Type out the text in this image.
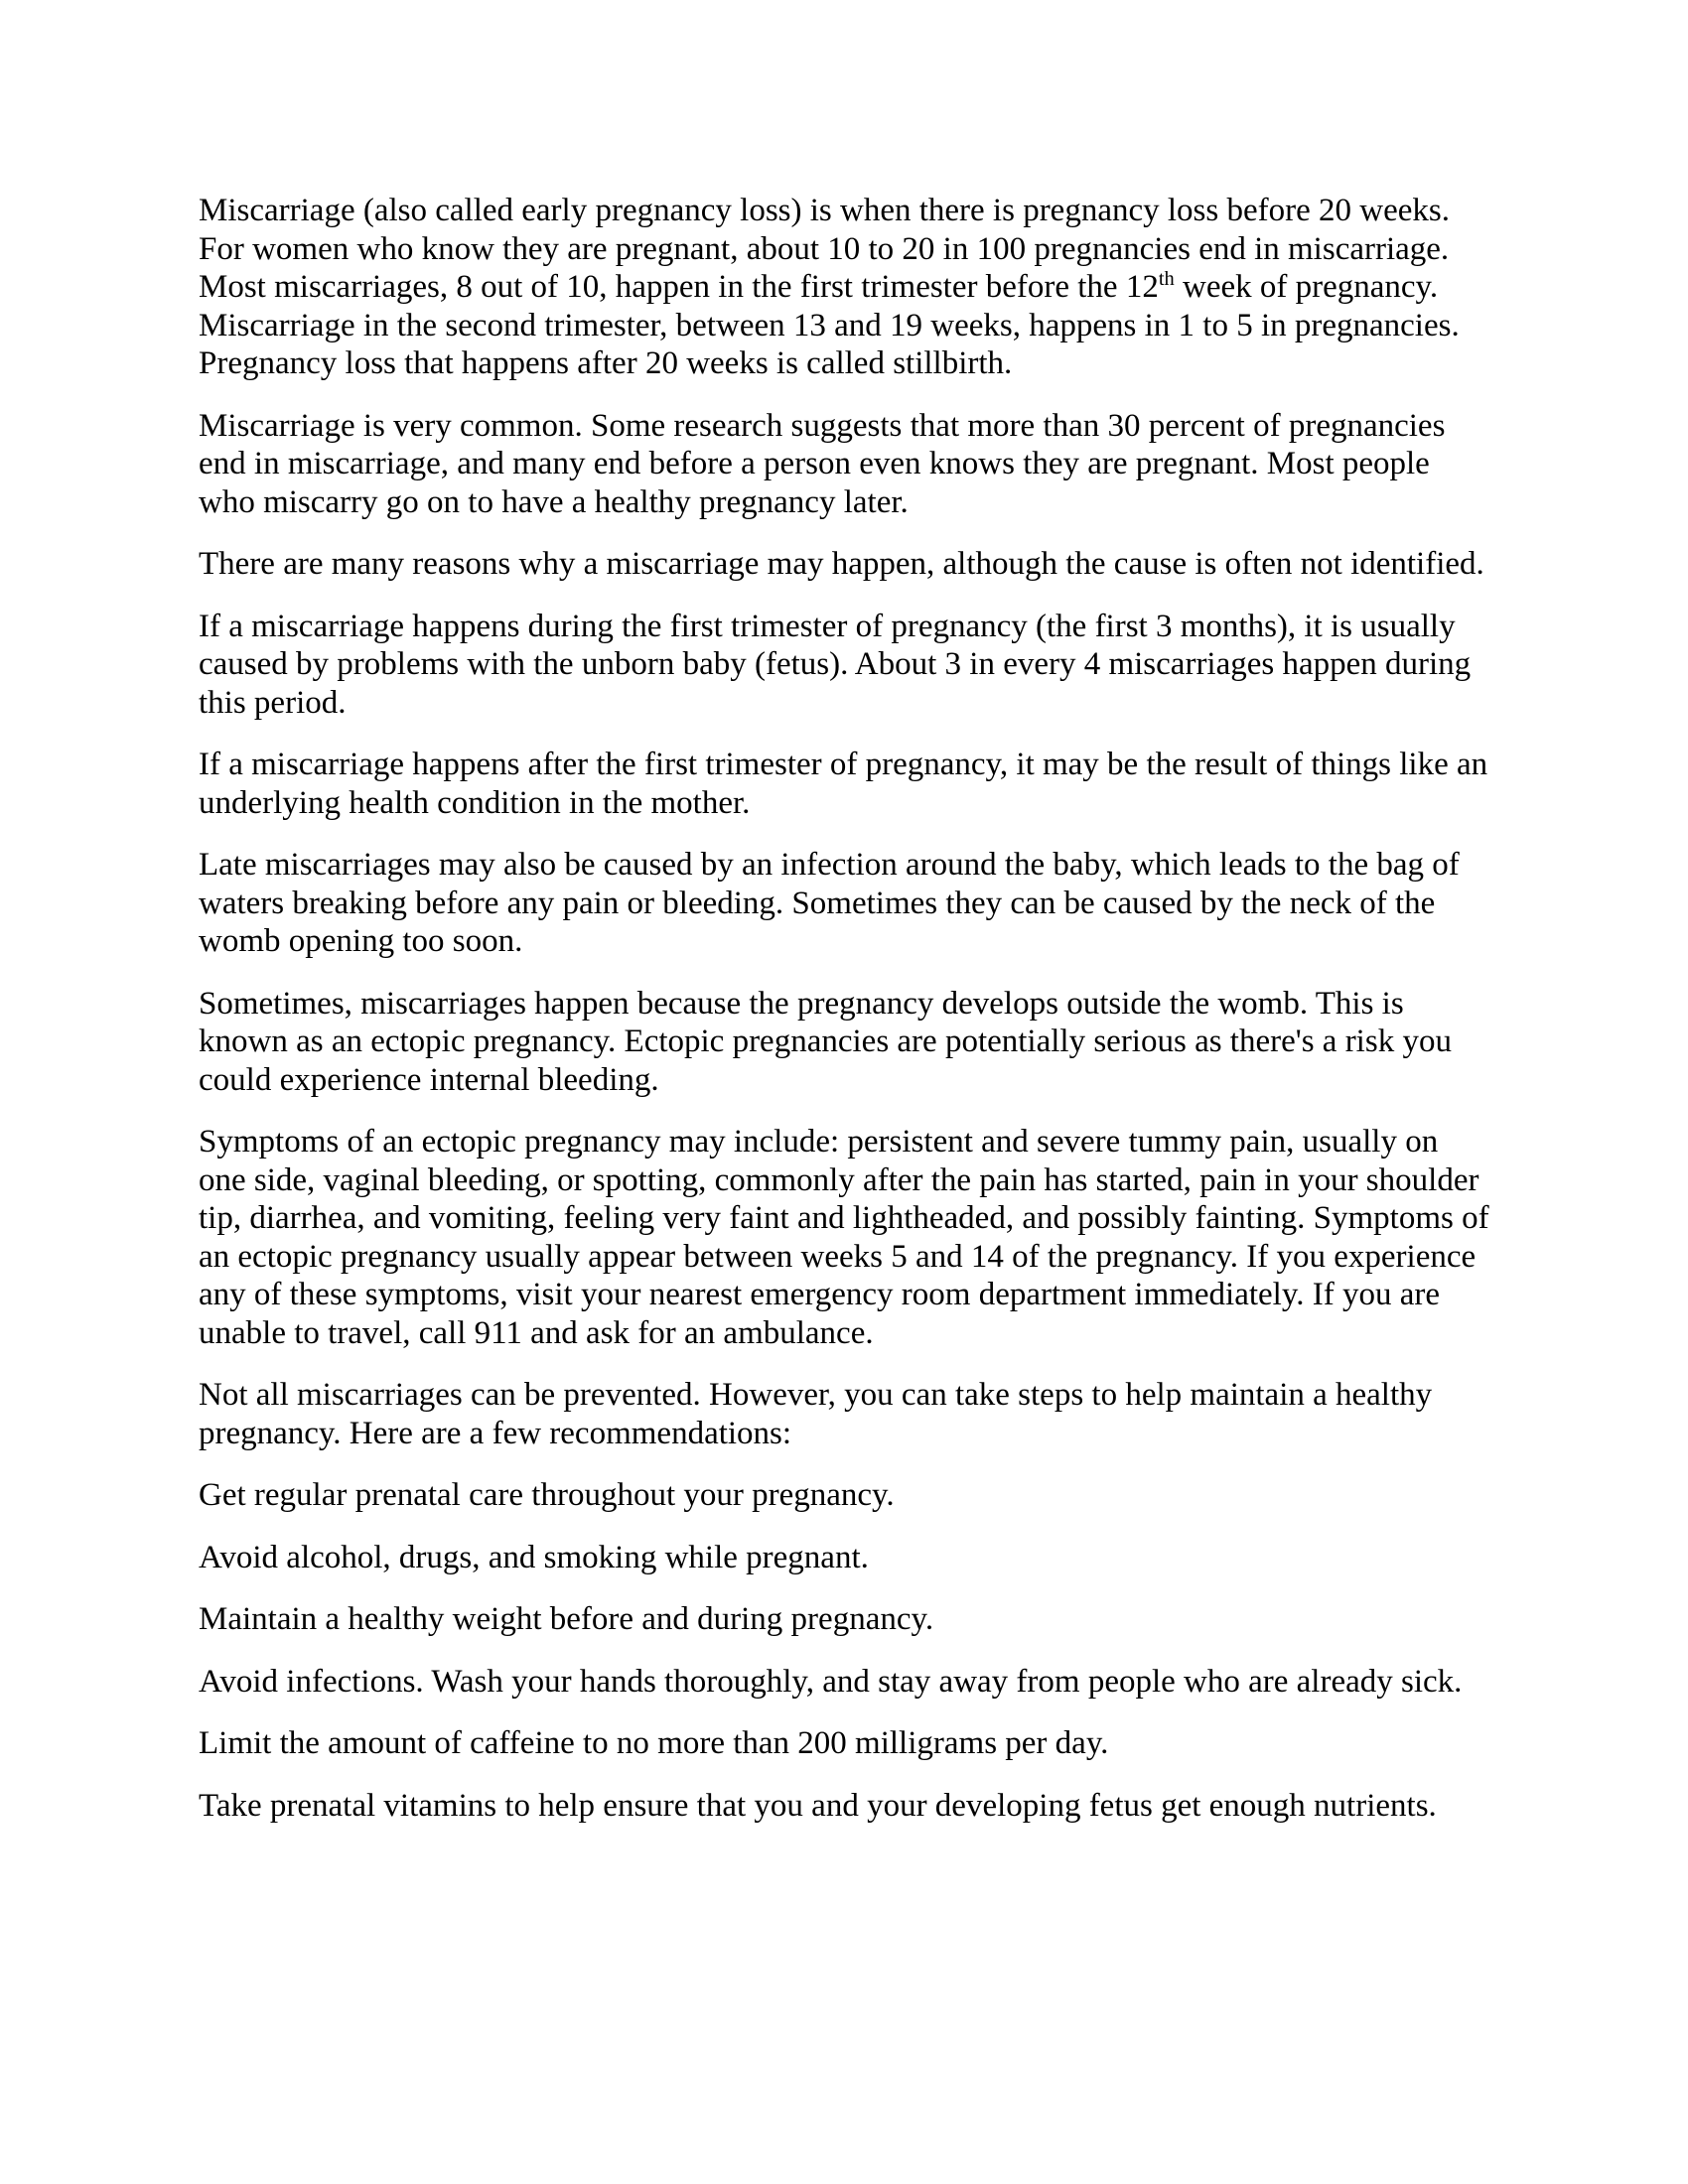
Miscarriage (also called early pregnancy loss) is when there is pregnancy loss before 20 weeks. For women who know they are pregnant, about 10 to 20 in 100 pregnancies end in miscarriage. Most miscarriages, 8 out of 10, happen in the first trimester before the 12th week of pregnancy. Miscarriage in the second trimester, between 13 and 19 weeks, happens in 1 to 5 in pregnancies. Pregnancy loss that happens after 20 weeks is called stillbirth.

Miscarriage is very common. Some research suggests that more than 30 percent of pregnancies end in miscarriage, and many end before a person even knows they are pregnant. Most people who miscarry go on to have a healthy pregnancy later.

There are many reasons why a miscarriage may happen, although the cause is often not identified.

If a miscarriage happens during the first trimester of pregnancy (the first 3 months), it is usually caused by problems with the unborn baby (fetus). About 3 in every 4 miscarriages happen during this period.

If a miscarriage happens after the first trimester of pregnancy, it may be the result of things like an underlying health condition in the mother.

Late miscarriages may also be caused by an infection around the baby, which leads to the bag of waters breaking before any pain or bleeding. Sometimes they can be caused by the neck of the womb opening too soon.

Sometimes, miscarriages happen because the pregnancy develops outside the womb. This is known as an ectopic pregnancy. Ectopic pregnancies are potentially serious as there's a risk you could experience internal bleeding.

Symptoms of an ectopic pregnancy may include: persistent and severe tummy pain, usually on one side, vaginal bleeding, or spotting, commonly after the pain has started, pain in your shoulder tip, diarrhea, and vomiting, feeling very faint and lightheaded, and possibly fainting. Symptoms of an ectopic pregnancy usually appear between weeks 5 and 14 of the pregnancy. If you experience any of these symptoms, visit your nearest emergency room department immediately. If you are unable to travel, call 911 and ask for an ambulance.

Not all miscarriages can be prevented. However, you can take steps to help maintain a healthy pregnancy. Here are a few recommendations:

Get regular prenatal care throughout your pregnancy.

Avoid alcohol, drugs, and smoking while pregnant.

Maintain a healthy weight before and during pregnancy.

Avoid infections. Wash your hands thoroughly, and stay away from people who are already sick.

Limit the amount of caffeine to no more than 200 milligrams per day.

Take prenatal vitamins to help ensure that you and your developing fetus get enough nutrients.
